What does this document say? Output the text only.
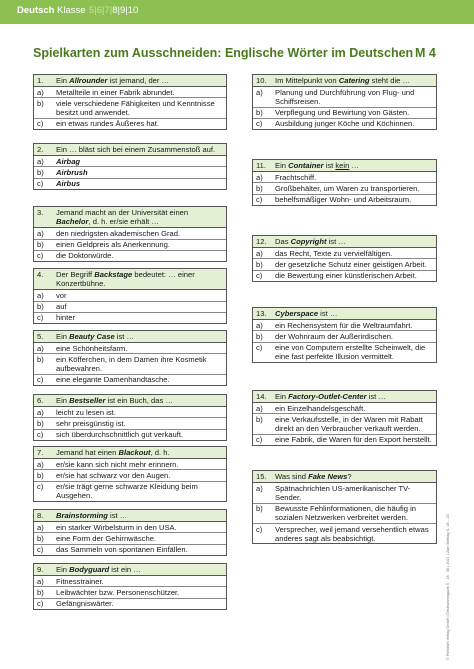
Deutsch Klasse 5|6|7|8|9|10
Spielkarten zum Ausschneiden: Englische Wörter im Deutschen M 4
1.	Ein Allrounder ist jemand, der …
a)	Metallteile in einer Fabrik abrundet.
b)	viele verschiedene Fähigkeiten und Kenntnisse besitzt und anwendet.
c)	ein etwas rundes Äußeres hat.
2.	Ein … bläst sich bei einem Zusammenstoß auf.
a)	Airbag
b)	Airbrush
c)	Airbus
3.	Jemand macht an der Universität einen Bachelor, d. h. er/sie erhält …
a)	den niedrigsten akademischen Grad.
b)	einen Geldpreis als Anerkennung.
c)	die Doktorwürde.
4.	Der Begriff Backstage bedeutet: … einer Konzertbühne.
a)	vor
b)	auf
c)	hinter
5.	Ein Beauty Case ist …
a)	eine Schönheitsfarm.
b)	ein Köfferchen, in dem Damen ihre Kosmetik aufbewahren.
c)	eine elegante Damenhandtasche.
6.	Ein Bestseller ist ein Buch, das …
a)	leicht zu lesen ist.
b)	sehr preisgünstig ist.
c)	sich überdurchschnittlich gut verkauft.
7.	Jemand hat einen Blackout, d. h.
a)	er/sie kann sich nicht mehr erinnern.
b)	er/sie hat schwarz vor den Augen.
c)	er/sie trägt gerne schwarze Kleidung beim Ausgehen.
8.	Brainstorming ist …
a)	ein starker Wirbelsturm in den USA.
b)	eine Form der Gehirnwäsche.
c)	das Sammeln von spontanen Einfällen.
9.	Ein Bodyguard ist ein …
a)	Fitnesstrainer.
b)	Leibwächter bzw. Personenschützer.
c)	Gefängniswärter.
10.	Im Mittelpunkt von Catering steht die …
a)	Planung und Durchführung von Flug- und Schiffsreisen.
b)	Verpflegung und Bewirtung von Gästen.
c)	Ausbildung junger Köche und Köchinnen.
11.	Ein Container ist kein …
a)	Frachtschiff.
b)	Großbehälter, um Waren zu transportieren.
c)	behelfsmäßiger Wohn- und Arbeitsraum.
12.	Das Copyright ist …
a)	das Recht, Texte zu vervielfältigen.
b)	der gesetzliche Schutz einer geistigen Arbeit.
c)	die Bewertung einer künstlerischen Arbeit.
13.	Cyberspace ist …
a)	ein Rechensystem für die Weltraumfahrt.
b)	der Wohnraum der Außerirdischen.
c)	eine von Computern erstellte Scheinwelt, die eine fast perfekte Illusion vermittelt.
14.	Ein Factory-Outlet-Center ist …
a)	ein Einzelhandelsgeschäft.
b)	eine Verkaufsstelle, in der Waren mit Rabatt direkt an den Verbraucher verkauft werden.
c)	eine Fabrik, die Waren für den Export herstellt.
15.	Was sind Fake News?
a)	Spätnachrichten US-amerikanischer TV-Sender.
b)	Bewusste Fehlinformationen, die häufig in sozialen Netzwerken verbreitet werden.
c)	Versprecher, weil jemand versehentlich etwas anderes sagt als beabsichtigt.	© Friedrich Verlag GmbH | Deutschmagazin 5 · 18 · 30 | 2021 | Zum Beitrag S. 18 – 23
